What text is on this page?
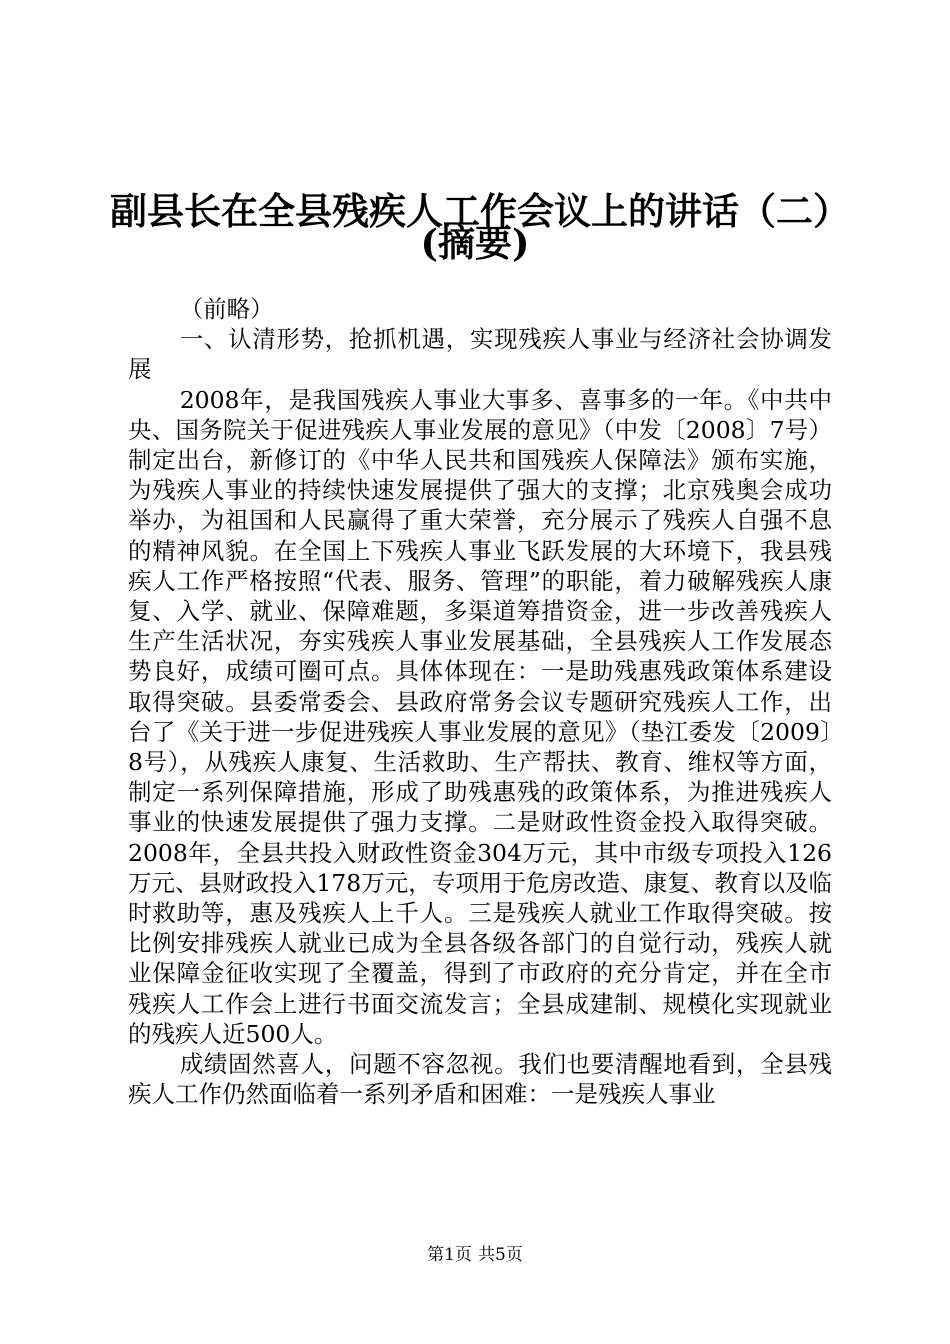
副县长在全县残疾人工作会议上的讲话（二）
(摘要)

（前略）

一、认清形势，抢抓机遇，实现残疾人事业与经济社会协调发展

2008年，是我国残疾人事业大事多、喜事多的一年。《中共中央、国务院关于促进残疾人事业发展的意见》（中发〔2008〕7号）制定出台，新修订的《中华人民共和国残疾人保障法》颁布实施，为残疾人事业的持续快速发展提供了强大的支撑；北京残奥会成功举办，为祖国和人民赢得了重大荣誉，充分展示了残疾人自强不息的精神风貌。在全国上下残疾人事业飞跃发展的大环境下，我县残疾人工作严格按照“代表、服务、管理”的职能，着力破解残疾人康复、入学、就业、保障难题，多渠道筹措资金，进一步改善残疾人生产生活状况，夯实残疾人事业发展基础，全县残疾人工作发展态势良好，成绩可圈可点。具体体现在：一是助残惠残政策体系建设取得突破。县委常委会、县政府常务会议专题研究残疾人工作，出台了《关于进一步促进残疾人事业发展的意见》（垫江委发〔2009〕8号），从残疾人康复、生活救助、生产帮扶、教育、维权等方面，制定一系列保障措施，形成了助残惠残的政策体系，为推进残疾人事业的快速发展提供了强力支撑。二是财政性资金投入取得突破。2008年，全县共投入财政性资金304万元，其中市级专项投入126万元、县财政投入178万元，专项用于危房改造、康复、教育以及临时救助等，惠及残疾人上千人。三是残疾人就业工作取得突破。按比例安排残疾人就业已成为全县各级各部门的自觉行动，残疾人就业保障金征收实现了全覆盖，得到了市政府的充分肯定，并在全市残疾人工作会上进行书面交流发言；全县成建制、规模化实现就业的残疾人近500人。

成绩固然喜人，问题不容忽视。我们也要清醒地看到，全县残疾人工作仍然面临着一系列矛盾和困难：一是残疾人事业

第1页 共5页
